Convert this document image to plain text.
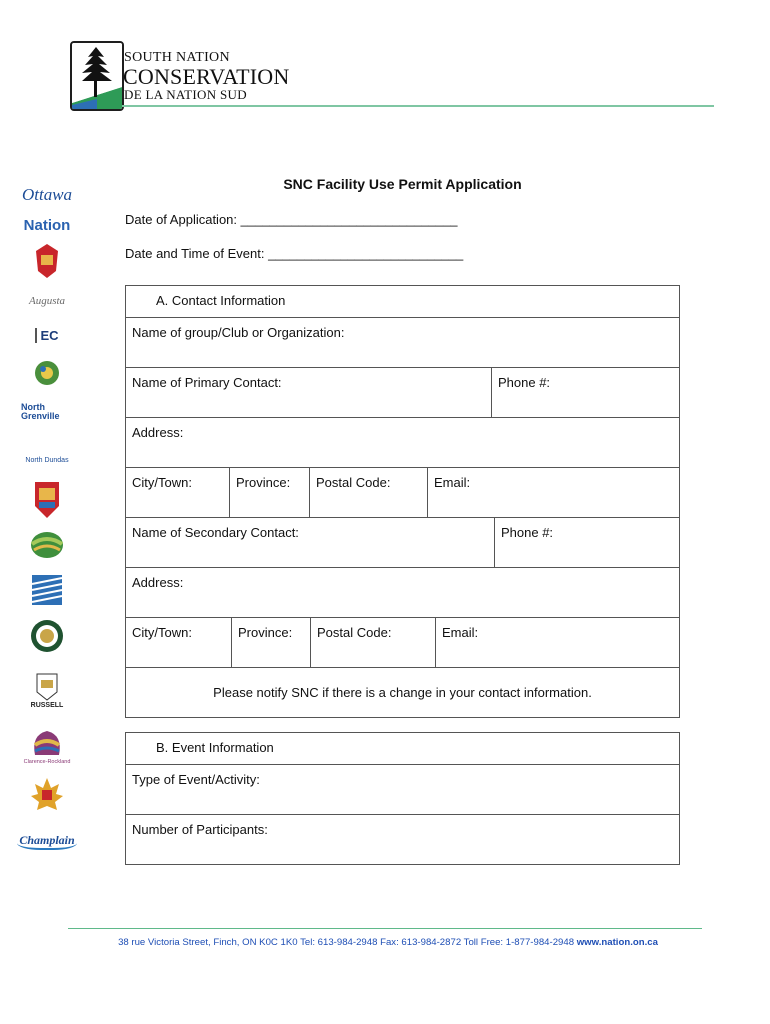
SOUTH NATION
CONSERVATION
DE LA NATION SUD
Ottawa
Nation
Augusta
EC
North Grenville
North Dundas
RUSSELL
Clarence-Rockland
Champlain
SNC Facility Use Permit Application
Date of Application: ______________________________
Date and Time of Event: ___________________________
A. Contact Information
Name of group/Club or Organization:
Name of Primary Contact:	Phone #:
Address:
City/Town:	Province:	Postal Code:	Email:
Name of Secondary Contact:	Phone #:
Address:
City/Town:	Province:	Postal Code:	Email:
Please notify SNC if there is a change in your contact information.
B. Event Information
Type of Event/Activity:
Number of Participants:
38 rue Victoria Street, Finch, ON K0C 1K0 Tel: 613-984-2948 Fax: 613-984-2872 Toll Free: 1-877-984-2948 www.nation.on.ca
